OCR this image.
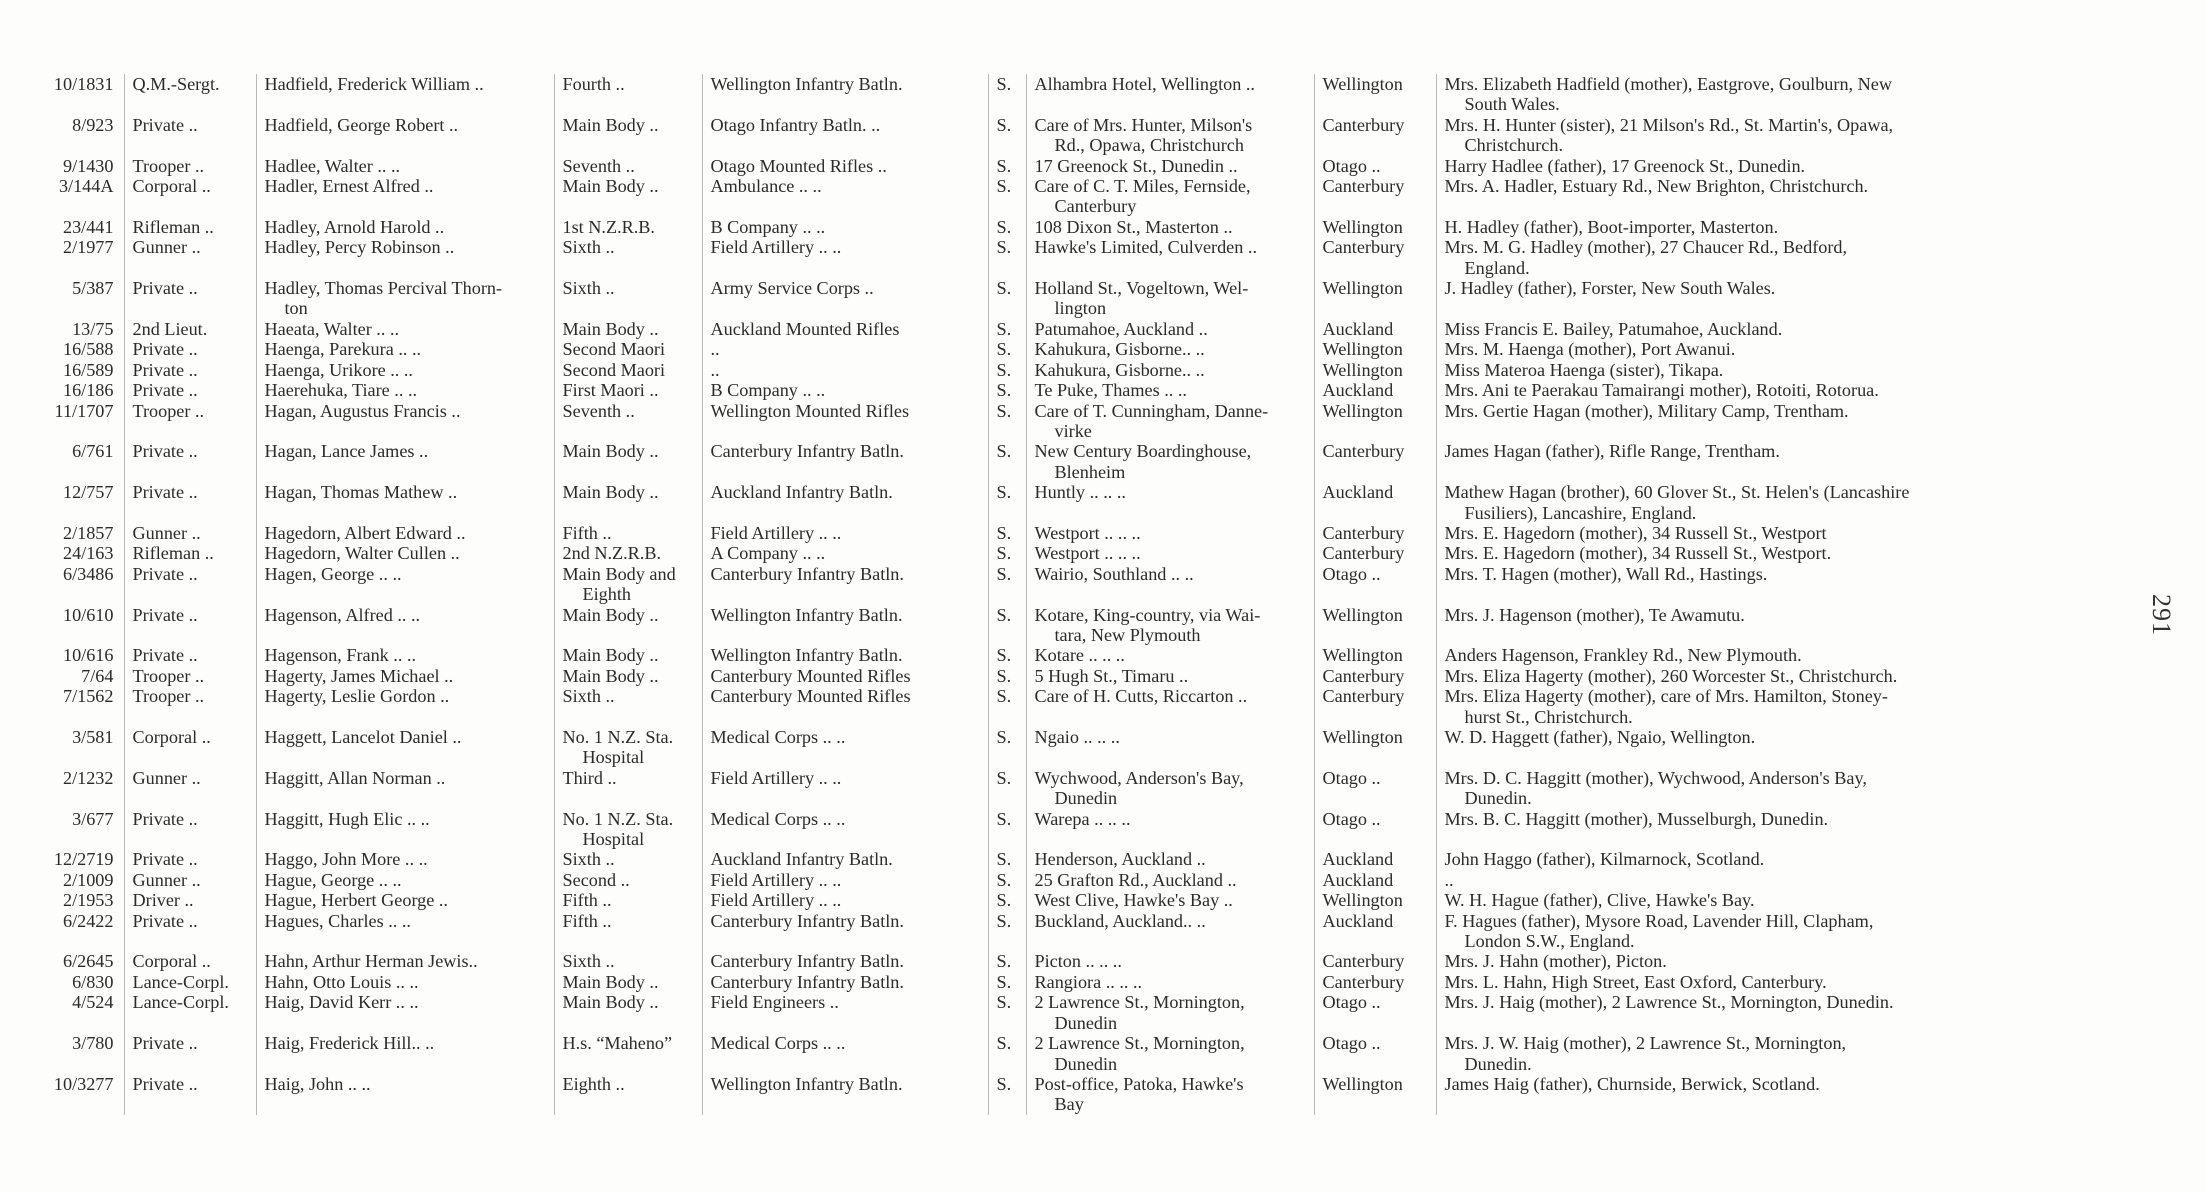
10/1831	Q.M.-Sergt.	Hadfield, Frederick William ..	Fourth ..	Wellington Infantry Batln.	S.	Alhambra Hotel, Wellington ..	Wellington	Mrs. Elizabeth Hadfield (mother), Eastgrove, Goulburn, New
South Wales.

8/923	Private ..	Hadfield, George Robert ..	Main Body ..	Otago Infantry Batln. ..	S.	Care of Mrs. Hunter, Milson's
Rd., Opawa, Christchurch	Canterbury	Mrs. H. Hunter (sister), 21 Milson's Rd., St. Martin's, Opawa,
Christchurch.

9/1430	Trooper ..	Hadlee, Walter .. ..	Seventh ..	Otago Mounted Rifles ..	S.	17 Greenock St., Dunedin ..	Otago ..	Harry Hadlee (father), 17 Greenock St., Dunedin.
3/144A	Corporal ..	Hadler, Ernest Alfred ..	Main Body ..	Ambulance .. ..	S.	Care of C. T. Miles, Fernside,
Canterbury	Canterbury	Mrs. A. Hadler, Estuary Rd., New Brighton, Christchurch.
23/441	Rifleman ..	Hadley, Arnold Harold ..	1st N.Z.R.B.	B Company .. ..	S.	108 Dixon St., Masterton ..	Wellington	H. Hadley (father), Boot-importer, Masterton.
2/1977	Gunner ..	Hadley, Percy Robinson ..	Sixth ..	Field Artillery .. ..	S.	Hawke's Limited, Culverden ..	Canterbury	Mrs. M. G. Hadley (mother), 27 Chaucer Rd., Bedford,
England.

5/387	Private ..	Hadley, Thomas Percival Thorn-
ton	Sixth ..	Army Service Corps ..	S.	Holland St., Vogeltown, Wel-
lington	Wellington	J. Hadley (father), Forster, New South Wales.
13/75	2nd Lieut.	Haeata, Walter .. ..	Main Body ..	Auckland Mounted Rifles	S.	Patumahoe, Auckland ..	Auckland	Miss Francis E. Bailey, Patumahoe, Auckland.
16/588	Private ..	Haenga, Parekura .. ..	Second Maori	..	S.	Kahukura, Gisborne.. ..	Wellington	Mrs. M. Haenga (mother), Port Awanui.
16/589	Private ..	Haenga, Urikore .. ..	Second Maori	..	S.	Kahukura, Gisborne.. ..	Wellington	Miss Materoa Haenga (sister), Tikapa.
16/186	Private ..	Haerehuka, Tiare .. ..	First Maori ..	B Company .. ..	S.	Te Puke, Thames .. ..	Auckland	Mrs. Ani te Paerakau Tamairangi mother), Rotoiti, Rotorua.
11/1707	Trooper ..	Hagan, Augustus Francis ..	Seventh ..	Wellington Mounted Rifles	S.	Care of T. Cunningham, Danne-
virke	Wellington	Mrs. Gertie Hagan (mother), Military Camp, Trentham.
6/761	Private ..	Hagan, Lance James ..	Main Body ..	Canterbury Infantry Batln.	S.	New Century Boardinghouse,
Blenheim	Canterbury	James Hagan (father), Rifle Range, Trentham.
12/757	Private ..	Hagan, Thomas Mathew ..	Main Body ..	Auckland Infantry Batln.	S.	Huntly .. .. ..	Auckland	Mathew Hagan (brother), 60 Glover St., St. Helen's (Lancashire
Fusiliers), Lancashire, England.

2/1857	Gunner ..	Hagedorn, Albert Edward ..	Fifth ..	Field Artillery .. ..	S.	Westport .. .. ..	Canterbury	Mrs. E. Hagedorn (mother), 34 Russell St., Westport
24/163	Rifleman ..	Hagedorn, Walter Cullen ..	2nd N.Z.R.B.	A Company .. ..	S.	Westport .. .. ..	Canterbury	Mrs. E. Hagedorn (mother), 34 Russell St., Westport.
6/3486	Private ..	Hagen, George .. ..	Main Body and
Eighth	Canterbury Infantry Batln.	S.	Wairio, Southland .. ..	Otago ..	Mrs. T. Hagen (mother), Wall Rd., Hastings.
10/610	Private ..	Hagenson, Alfred .. ..	Main Body ..	Wellington Infantry Batln.	S.	Kotare, King-country, via Wai-
tara, New Plymouth	Wellington	Mrs. J. Hagenson (mother), Te Awamutu.
10/616	Private ..	Hagenson, Frank .. ..	Main Body ..	Wellington Infantry Batln.	S.	Kotare .. .. ..	Wellington	Anders Hagenson, Frankley Rd., New Plymouth.
7/64	Trooper ..	Hagerty, James Michael ..	Main Body ..	Canterbury Mounted Rifles	S.	5 Hugh St., Timaru ..	Canterbury	Mrs. Eliza Hagerty (mother), 260 Worcester St., Christchurch.
7/1562	Trooper ..	Hagerty, Leslie Gordon ..	Sixth ..	Canterbury Mounted Rifles	S.	Care of H. Cutts, Riccarton ..	Canterbury	Mrs. Eliza Hagerty (mother), care of Mrs. Hamilton, Stoney-
hurst St., Christchurch.

3/581	Corporal ..	Haggett, Lancelot Daniel ..	No. 1 N.Z. Sta.
Hospital	Medical Corps .. ..	S.	Ngaio .. .. ..	Wellington	W. D. Haggett (father), Ngaio, Wellington.
2/1232	Gunner ..	Haggitt, Allan Norman ..	Third ..	Field Artillery .. ..	S.	Wychwood, Anderson's Bay,
Dunedin	Otago ..	Mrs. D. C. Haggitt (mother), Wychwood, Anderson's Bay,
Dunedin.

3/677	Private ..	Haggitt, Hugh Elic .. ..	No. 1 N.Z. Sta.
Hospital	Medical Corps .. ..	S.	Warepa .. .. ..	Otago ..	Mrs. B. C. Haggitt (mother), Musselburgh, Dunedin.
12/2719	Private ..	Haggo, John More .. ..	Sixth ..	Auckland Infantry Batln.	S.	Henderson, Auckland ..	Auckland	John Haggo (father), Kilmarnock, Scotland.
2/1009	Gunner ..	Hague, George .. ..	Second ..	Field Artillery .. ..	S.	25 Grafton Rd., Auckland ..	Auckland	..
2/1953	Driver ..	Hague, Herbert George ..	Fifth ..	Field Artillery .. ..	S.	West Clive, Hawke's Bay ..	Wellington	W. H. Hague (father), Clive, Hawke's Bay.
6/2422	Private ..	Hagues, Charles .. ..	Fifth ..	Canterbury Infantry Batln.	S.	Buckland, Auckland.. ..	Auckland	F. Hagues (father), Mysore Road, Lavender Hill, Clapham,
London S.W., England.

6/2645	Corporal ..	Hahn, Arthur Herman Jewis..	Sixth ..	Canterbury Infantry Batln.	S.	Picton .. .. ..	Canterbury	Mrs. J. Hahn (mother), Picton.
6/830	Lance-Corpl.	Hahn, Otto Louis .. ..	Main Body ..	Canterbury Infantry Batln.	S.	Rangiora .. .. ..	Canterbury	Mrs. L. Hahn, High Street, East Oxford, Canterbury.
4/524	Lance-Corpl.	Haig, David Kerr .. ..	Main Body ..	Field Engineers ..	S.	2 Lawrence St., Mornington,
Dunedin	Otago ..	Mrs. J. Haig (mother), 2 Lawrence St., Mornington, Dunedin.
3/780	Private ..	Haig, Frederick Hill.. ..	H.s. “Maheno”	Medical Corps .. ..	S.	2 Lawrence St., Mornington,
Dunedin	Otago ..	Mrs. J. W. Haig (mother), 2 Lawrence St., Mornington,
Dunedin.

10/3277	Private ..	Haig, John .. ..	Eighth ..	Wellington Infantry Batln.	S.	Post-office, Patoka, Hawke's
Bay	Wellington	James Haig (father), Churnside, Berwick, Scotland.
291
